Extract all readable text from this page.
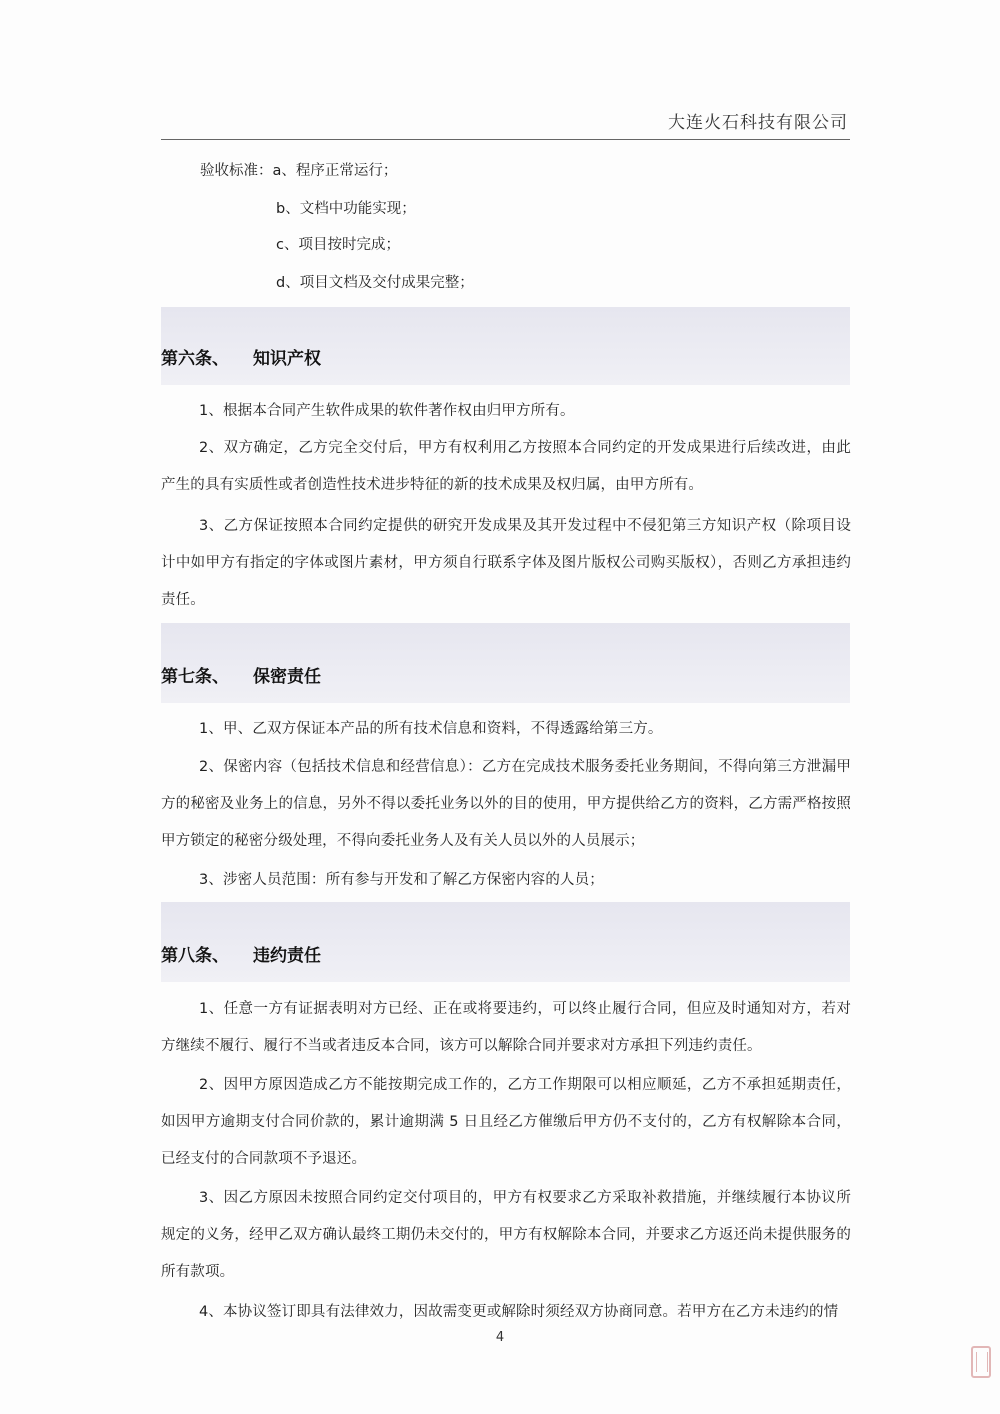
大连火石科技有限公司
验收标准：a、程序正常运行；
b、文档中功能实现；
c、项目按时完成；
d、项目文档及交付成果完整；
第六条、 知识产权
1、根据本合同产生软件成果的软件著作权由归甲方所有。
2、双方确定，乙方完全交付后，甲方有权利用乙方按照本合同约定的开发成果进行后续改进，由此产生的具有实质性或者创造性技术进步特征的新的技术成果及权归属，由甲方所有。
3、乙方保证按照本合同约定提供的研究开发成果及其开发过程中不侵犯第三方知识产权（除项目设计中如甲方有指定的字体或图片素材，甲方须自行联系字体及图片版权公司购买版权），否则乙方承担违约责任。
第七条、 保密责任
1、甲、乙双方保证本产品的所有技术信息和资料，不得透露给第三方。
2、保密内容（包括技术信息和经营信息）：乙方在完成技术服务委托业务期间，不得向第三方泄漏甲方的秘密及业务上的信息，另外不得以委托业务以外的目的使用，甲方提供给乙方的资料，乙方需严格按照甲方锁定的秘密分级处理，不得向委托业务人及有关人员以外的人员展示；
3、涉密人员范围：所有参与开发和了解乙方保密内容的人员；
第八条、 违约责任
1、任意一方有证据表明对方已经、正在或将要违约，可以终止履行合同，但应及时通知对方，若对方继续不履行、履行不当或者违反本合同，该方可以解除合同并要求对方承担下列违约责任。
2、因甲方原因造成乙方不能按期完成工作的，乙方工作期限可以相应顺延，乙方不承担延期责任，如因甲方逾期支付合同价款的，累计逾期满 5 日且经乙方催缴后甲方仍不支付的，乙方有权解除本合同，已经支付的合同款项不予退还。
3、因乙方原因未按照合同约定交付项目的，甲方有权要求乙方采取补救措施，并继续履行本协议所规定的义务，经甲乙双方确认最终工期仍未交付的，甲方有权解除本合同，并要求乙方返还尚未提供服务的所有款项。
4、本协议签订即具有法律效力，因故需变更或解除时须经双方协商同意。若甲方在乙方未违约的情
4
